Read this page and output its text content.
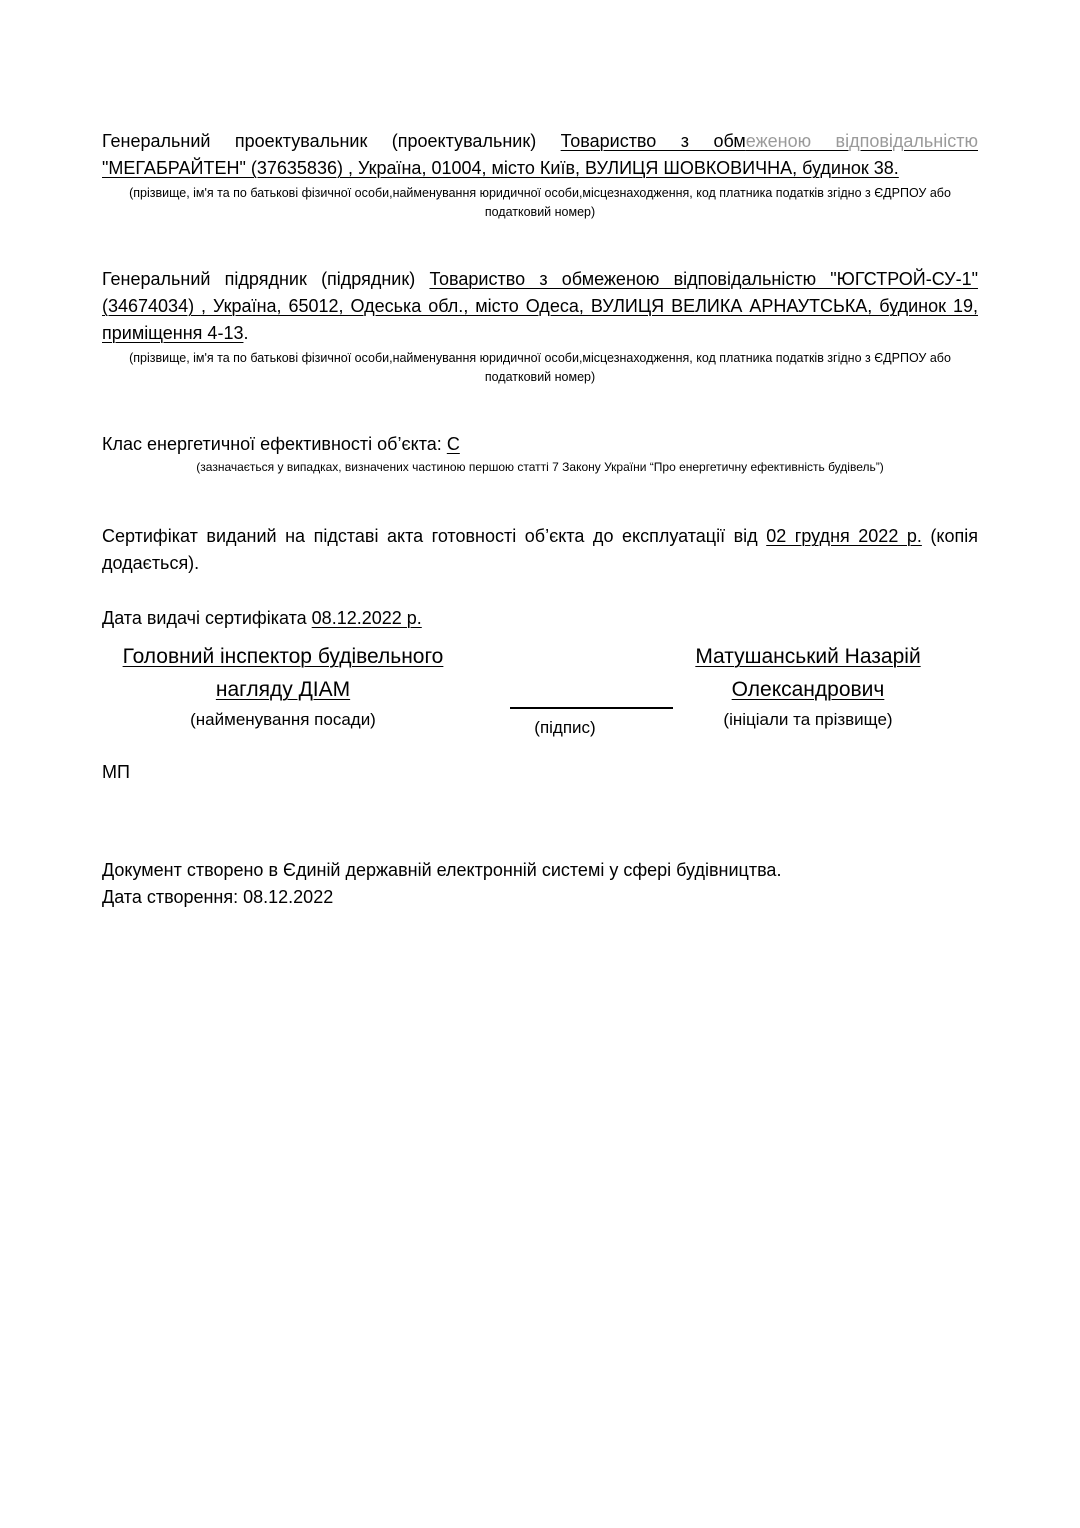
Генеральний проектувальник (проектувальник) Товариство з обмеженою відповідальністю "МЕГАБРАЙТЕН" (37635836) , Україна, 01004, місто Київ, ВУЛИЦЯ ШОВКОВИЧНА, будинок 38.

(прізвище, ім'я та по батькові фізичної особи,найменування юридичної особи,місцезнаходження, код платника податків згідно з ЄДРПОУ або податковий номер)

Генеральний підрядник (підрядник) Товариство з обмеженою відповідальністю "ЮГСТРОЙ-СУ-1" (34674034) , Україна, 65012, Одеська обл., місто Одеса, ВУЛИЦЯ ВЕЛИКА АРНАУТСЬКА, будинок 19, приміщення 4-13.

(прізвище, ім'я та по батькові фізичної особи,найменування юридичної особи,місцезнаходження, код платника податків згідно з ЄДРПОУ або податковий номер)

Клас енергетичної ефективності об’єкта: С

(зазначається у випадках, визначених частиною першою статті 7 Закону України “Про енергетичну ефективність будівель”)

Сертифікат виданий на підставі акта готовності об’єкта до експлуатації від 02 грудня 2022 р. (копія додається).

Дата видачі сертифіката 08.12.2022 р.

Головний інспектор будівельного
нагляду ДІАМ
(найменування посади)	(підпис)
Матушанський Назарій
Олександрович
(ініціали та прізвище)

МП

Документ створено в Єдиній державній електронній системі у сфері будівництва.

Дата створення: 08.12.2022
